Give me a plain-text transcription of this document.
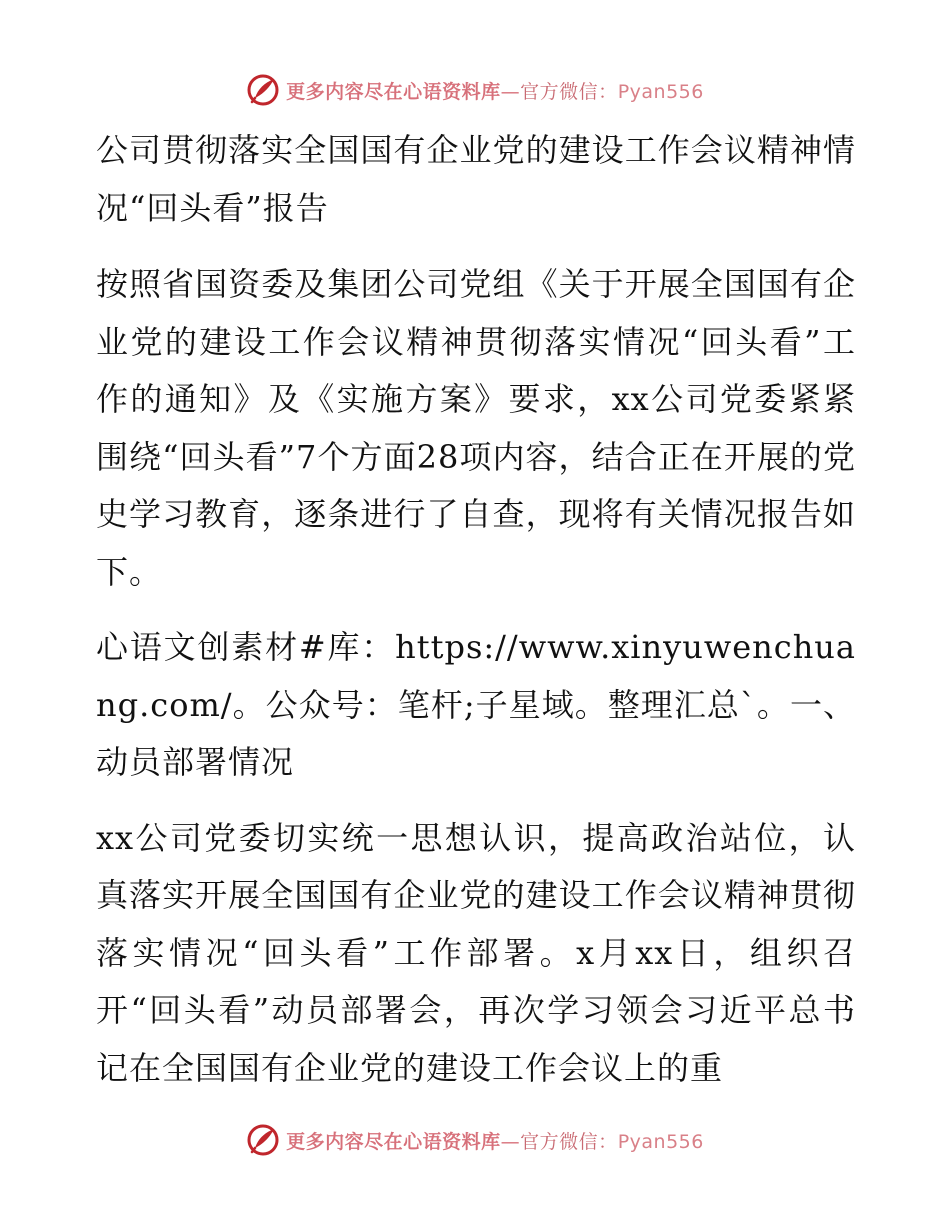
更多内容尽在心语资料库—官方微信：Pyan556

公司贯彻落实全国国有企业党的建设工作会议精神情况“回头看”报告

按照省国资委及集团公司党组《关于开展全国国有企业党的建设工作会议精神贯彻落实情况“回头看”工作的通知》及《实施方案》要求，xx公司党委紧紧围绕“回头看”7个方面28项内容，结合正在开展的党史学习教育，逐条进行了自查，现将有关情况报告如下。

心语文创素材#库：https://www.xinyuwenchuang.com/。公众号：笔杆;子星域。整理汇总`。一、动员部署情况

xx公司党委切实统一思想认识，提高政治站位，认真落实开展全国国有企业党的建设工作会议精神贯彻落实情况“回头看”工作部署。x月xx日，组织召开“回头看”动员部署会，再次学习领会习近平总书记在全国国有企业党的建设工作会议上的重

更多内容尽在心语资料库—官方微信：Pyan556
